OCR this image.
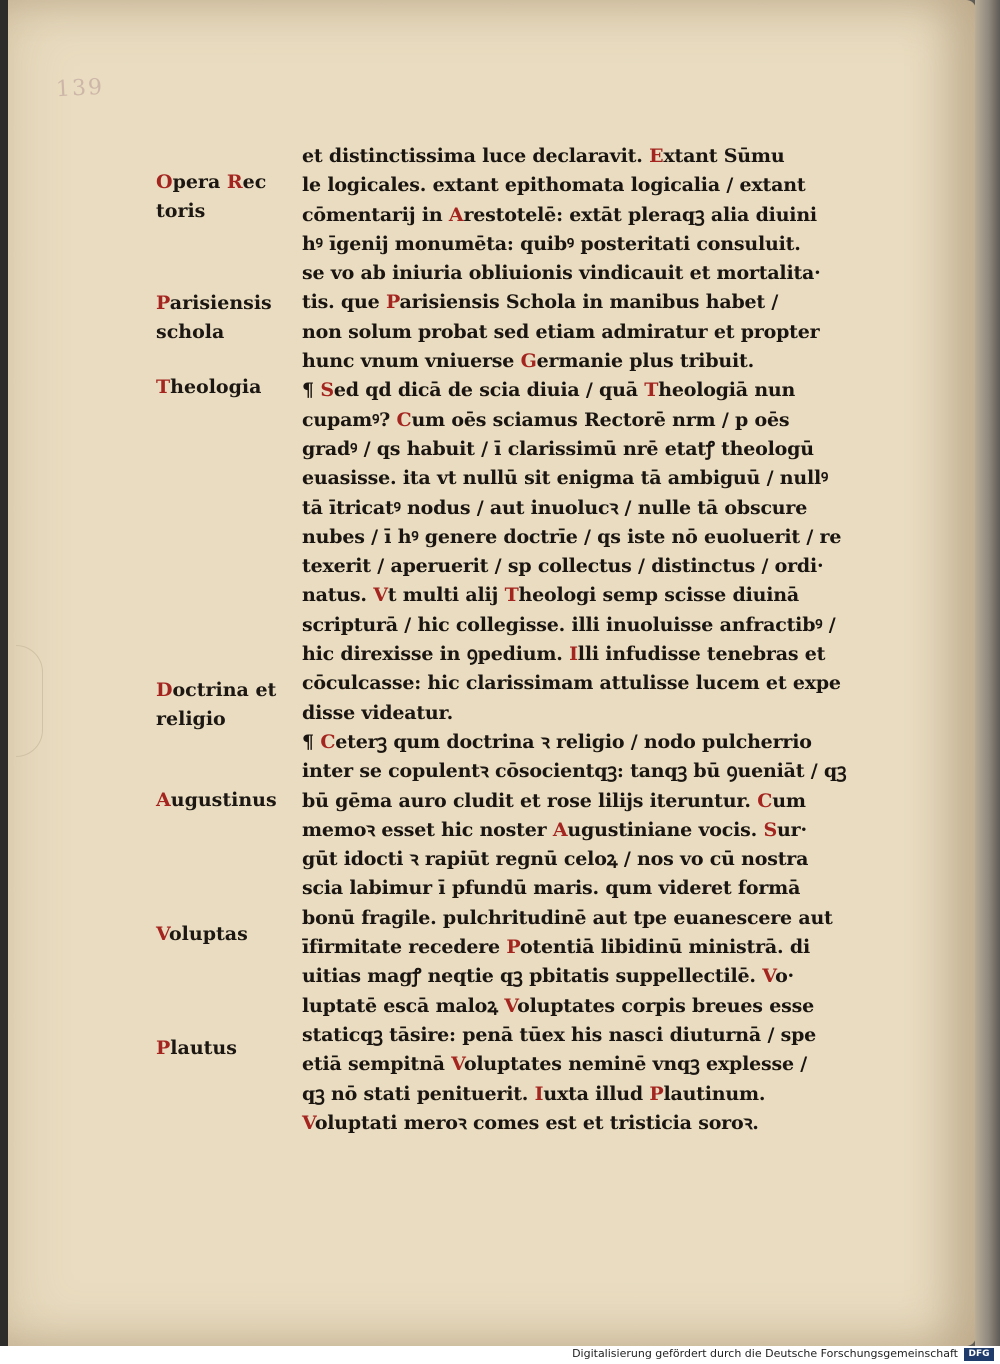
139
Opera Rec
toris
Parisiensis
schola
Theologia
Doctrina et
religio
Augustinus
Voluptas
Plautus
et distinctissima luce declaravit. Extant Sūmu
le logicales. extant epithomata logicalia / extant
cōmentarij in Arestotelē: extāt pleraqꝫ alia diuini
hꝰ īgenij monumēta: quibꝰ posteritati consuluit.
se vo ab iniuria obliuionis vindicauit et mortalita·
tis. que Parisiensis Schola in manibus habet /
non solum probat sed etiam admiratur et propter
hunc vnum vniuerse Germanie plus tribuit.
¶ Sed qd dicā de scia diuia / quā Theologiā nun
cupamꝰ? Cum oēs sciamus Rectorē nrm / p oēs
gradꝰ / qs habuit / ī clarissimū nrē etatꝭ theologū
euasisse. ita vt nullū sit enigma tā ambiguū / nullꝰ
tā ītricatꝰ nodus / aut inuolucꝛ / nulle tā obscure
nubes / ī hꝰ genere doctrīe / qs iste nō euoluerit / re
texerit / aperuerit / sp collectus / distinctus / ordi·
natus. Vt multi alij Theologi semp scisse diuinā
scripturā / hic collegisse. illi inuoluisse anfractibꝰ /
hic direxisse in ꝯpedium. Illi infudisse tenebras et
cōculcasse: hic clarissimam attulisse lucem et expe
disse videatur.
¶ Ceterꝫ qum doctrina ꝛ religio / nodo pulcherrio
inter se copulentꝛ cōsocientqꝫ: tanqꝫ bū ꝯueniāt / qꝫ
bū gēma auro cludit et rose lilijs iteruntur. Cum
memoꝛ esset hic noster Augustiniane vocis. Sur·
gūt idocti ꝛ rapiūt regnū celoꝝ / nos vo cū nostra
scia labimur ī pfundū maris. qum videret formā
bonū fragile. pulchritudinē aut tpe euanescere aut
īfirmitate recedere Potentiā libidinū ministrā. di
uitias magꝭ neqtie qꝫ pbitatis suppellectilē. Vo·
luptatē escā maloꝝ Voluptates corpis breues esse
staticqꝫ tāsire: penā tūex his nasci diuturnā / spe
etiā sempitnā Voluptates neminē vnqꝫ explesse /
qꝫ nō stati penituerit. Iuxta illud Plautinum.
Voluptati meroꝛ comes est et tristicia soroꝛ.
Digitalisierung gefördert durch die Deutsche Forschungsgemeinschaft	DFG
